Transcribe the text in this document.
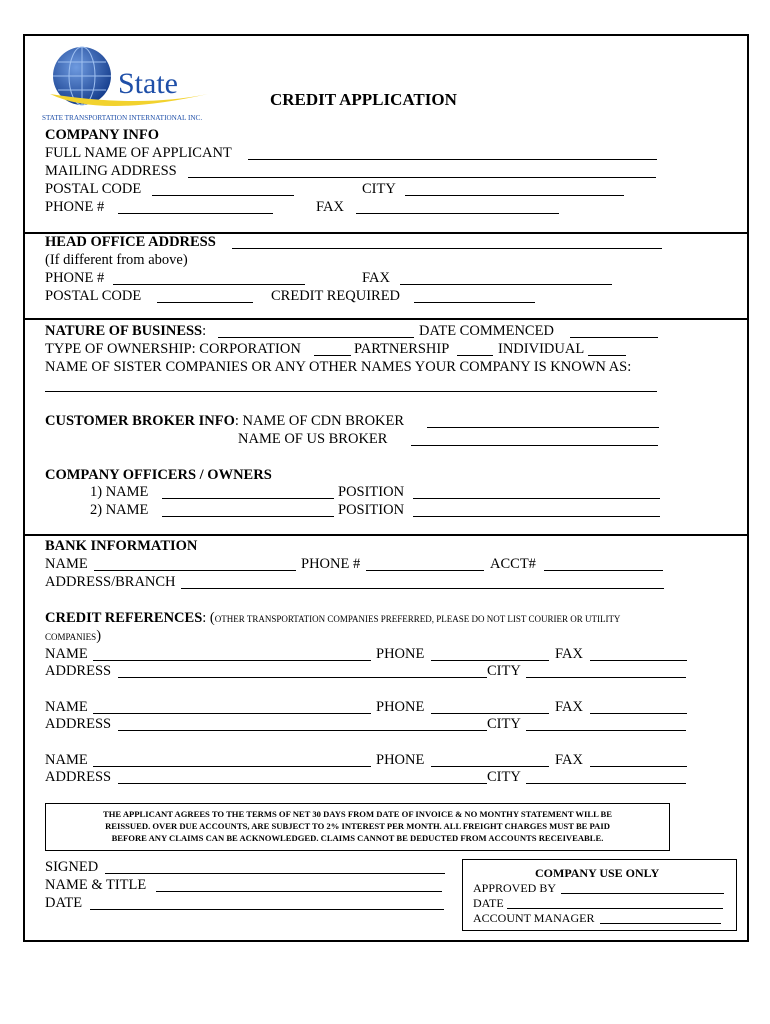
State
STATE TRANSPORTATION INTERNATIONAL INC.
CREDIT APPLICATION
COMPANY INFO
FULL NAME OF APPLICANT
MAILING ADDRESS
POSTAL CODE	CITY
PHONE #	FAX
HEAD OFFICE ADDRESS
(If different from above)
PHONE #	FAX
POSTAL CODE	CREDIT REQUIRED
NATURE OF BUSINESS:	DATE COMMENCED
TYPE OF OWNERSHIP: CORPORATION	PARTNERSHIP	INDIVIDUAL
NAME OF SISTER COMPANIES OR ANY OTHER NAMES YOUR COMPANY IS KNOWN AS:
CUSTOMER BROKER INFO: NAME OF CDN BROKER
NAME OF US BROKER
COMPANY OFFICERS / OWNERS
1) NAME	POSITION
2) NAME	POSITION
BANK INFORMATION
NAME	PHONE #	ACCT#
ADDRESS/BRANCH
CREDIT REFERENCES: (OTHER TRANSPORTATION COMPANIES PREFERRED, PLEASE DO NOT LIST COURIER OR UTILITY
COMPANIES)
NAME	PHONE	FAX
ADDRESS	CITY
NAME	PHONE	FAX
ADDRESS	CITY
NAME	PHONE	FAX
ADDRESS	CITY
THE APPLICANT AGREES TO THE TERMS OF NET 30 DAYS FROM DATE OF INVOICE & NO MONTHY STATEMENT WILL BE
REISSUED. OVER DUE ACCOUNTS, ARE SUBJECT TO 2% INTEREST PER MONTH. ALL FREIGHT CHARGES MUST BE PAID
BEFORE ANY CLAIMS CAN BE ACKNOWLEDGED. CLAIMS CANNOT BE DEDUCTED FROM ACCOUNTS RECEIVEABLE.
SIGNED
NAME & TITLE
DATE
COMPANY USE ONLY
APPROVED BY
DATE
ACCOUNT MANAGER
